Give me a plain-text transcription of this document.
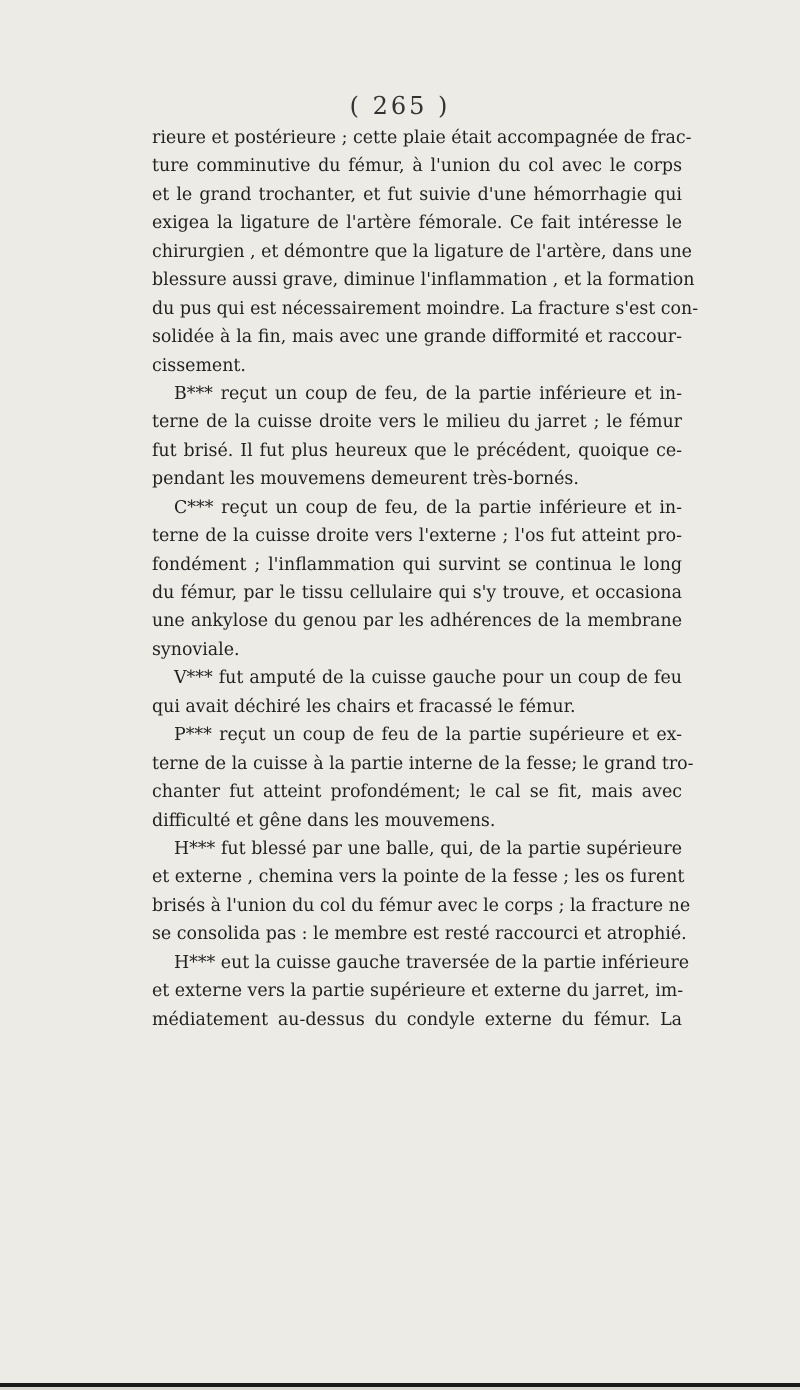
( 265 )
rieure et postérieure ; cette plaie était accompagnée de frac-
ture comminutive du fémur, à l'union du col avec le corps
et le grand trochanter, et fut suivie d'une hémorrhagie qui
exigea la ligature de l'artère fémorale. Ce fait intéresse le
chirurgien , et démontre que la ligature de l'artère, dans une
blessure aussi grave, diminue l'inflammation , et la formation
du pus qui est nécessairement moindre. La fracture s'est con-
solidée à la fin, mais avec une grande difformité et raccour-
cissement.
B*** reçut un coup de feu, de la partie inférieure et in-
terne de la cuisse droite vers le milieu du jarret ; le fémur
fut brisé. Il fut plus heureux que le précédent, quoique ce-
pendant les mouvemens demeurent très-bornés.
C*** reçut un coup de feu, de la partie inférieure et in-
terne de la cuisse droite vers l'externe ; l'os fut atteint pro-
fondément ; l'inflammation qui survint se continua le long
du fémur, par le tissu cellulaire qui s'y trouve, et occasiona
une ankylose du genou par les adhérences de la membrane
synoviale.
V*** fut amputé de la cuisse gauche pour un coup de feu
qui avait déchiré les chairs et fracassé le fémur.
P*** reçut un coup de feu de la partie supérieure et ex-
terne de la cuisse à la partie interne de la fesse; le grand tro-
chanter fut atteint profondément; le cal se fit, mais avec
difficulté et gêne dans les mouvemens.
H*** fut blessé par une balle, qui, de la partie supérieure
et externe , chemina vers la pointe de la fesse ; les os furent
brisés à l'union du col du fémur avec le corps ; la fracture ne
se consolida pas : le membre est resté raccourci et atrophié.
H*** eut la cuisse gauche traversée de la partie inférieure
et externe vers la partie supérieure et externe du jarret, im-
médiatement au-dessus du condyle externe du fémur. La
